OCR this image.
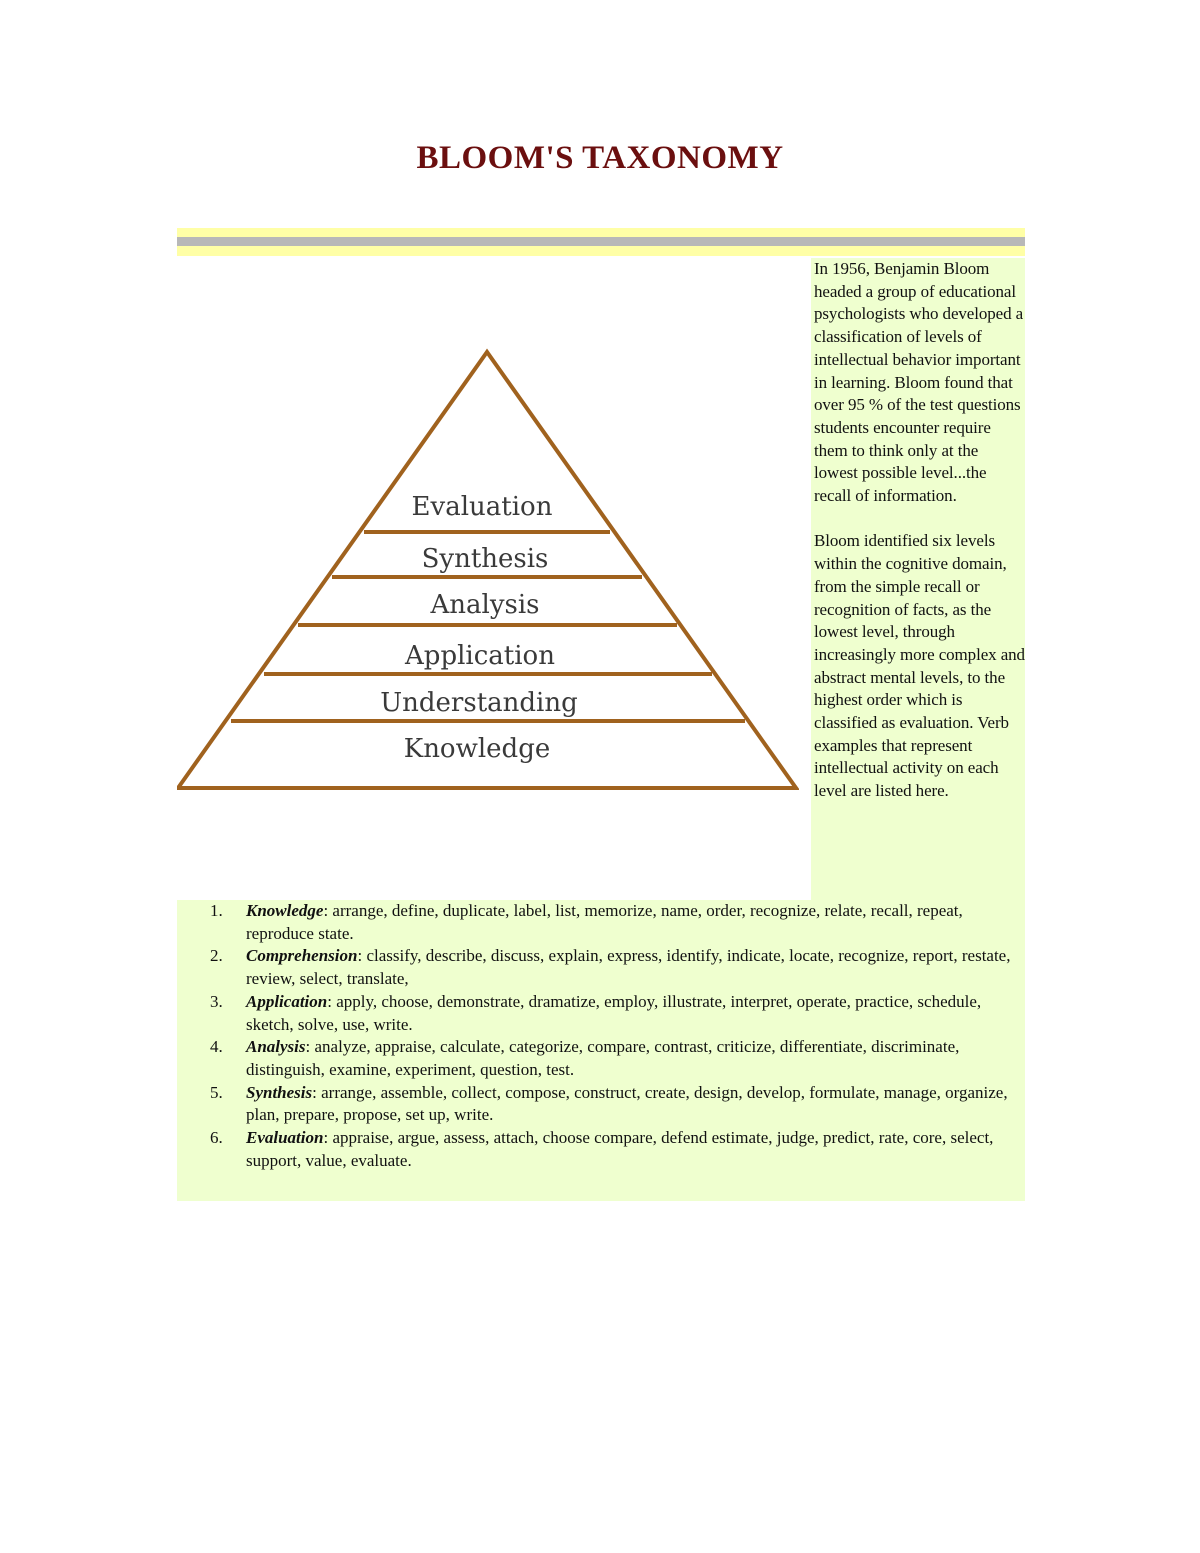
BLOOM'S TAXONOMY
Evaluation
Synthesis
Analysis
Application
Understanding
Knowledge

In 1956, Benjamin Bloom headed a group of educational psychologists who developed a classification of levels of intellectual behavior important in learning. Bloom found that over 95 % of the test questions students encounter require them to think only at the lowest possible level...the recall of information.

Bloom identified six levels within the cognitive domain, from the simple recall or recognition of facts, as the lowest level, through increasingly more complex and abstract mental levels, to the highest order which is classified as evaluation. Verb examples that represent intellectual activity on each level are listed here.

1. Knowledge: arrange, define, duplicate, label, list, memorize, name, order, recognize, relate, recall, repeat, reproduce state.
2. Comprehension: classify, describe, discuss, explain, express, identify, indicate, locate, recognize, report, restate, review, select, translate,
3. Application: apply, choose, demonstrate, dramatize, employ, illustrate, interpret, operate, practice, schedule, sketch, solve, use, write.
4. Analysis: analyze, appraise, calculate, categorize, compare, contrast, criticize, differentiate, discriminate, distinguish, examine, experiment, question, test.
5. Synthesis: arrange, assemble, collect, compose, construct, create, design, develop, formulate, manage, organize, plan, prepare, propose, set up, write.
6. Evaluation: appraise, argue, assess, attach, choose compare, defend estimate, judge, predict, rate, core, select, support, value, evaluate.
